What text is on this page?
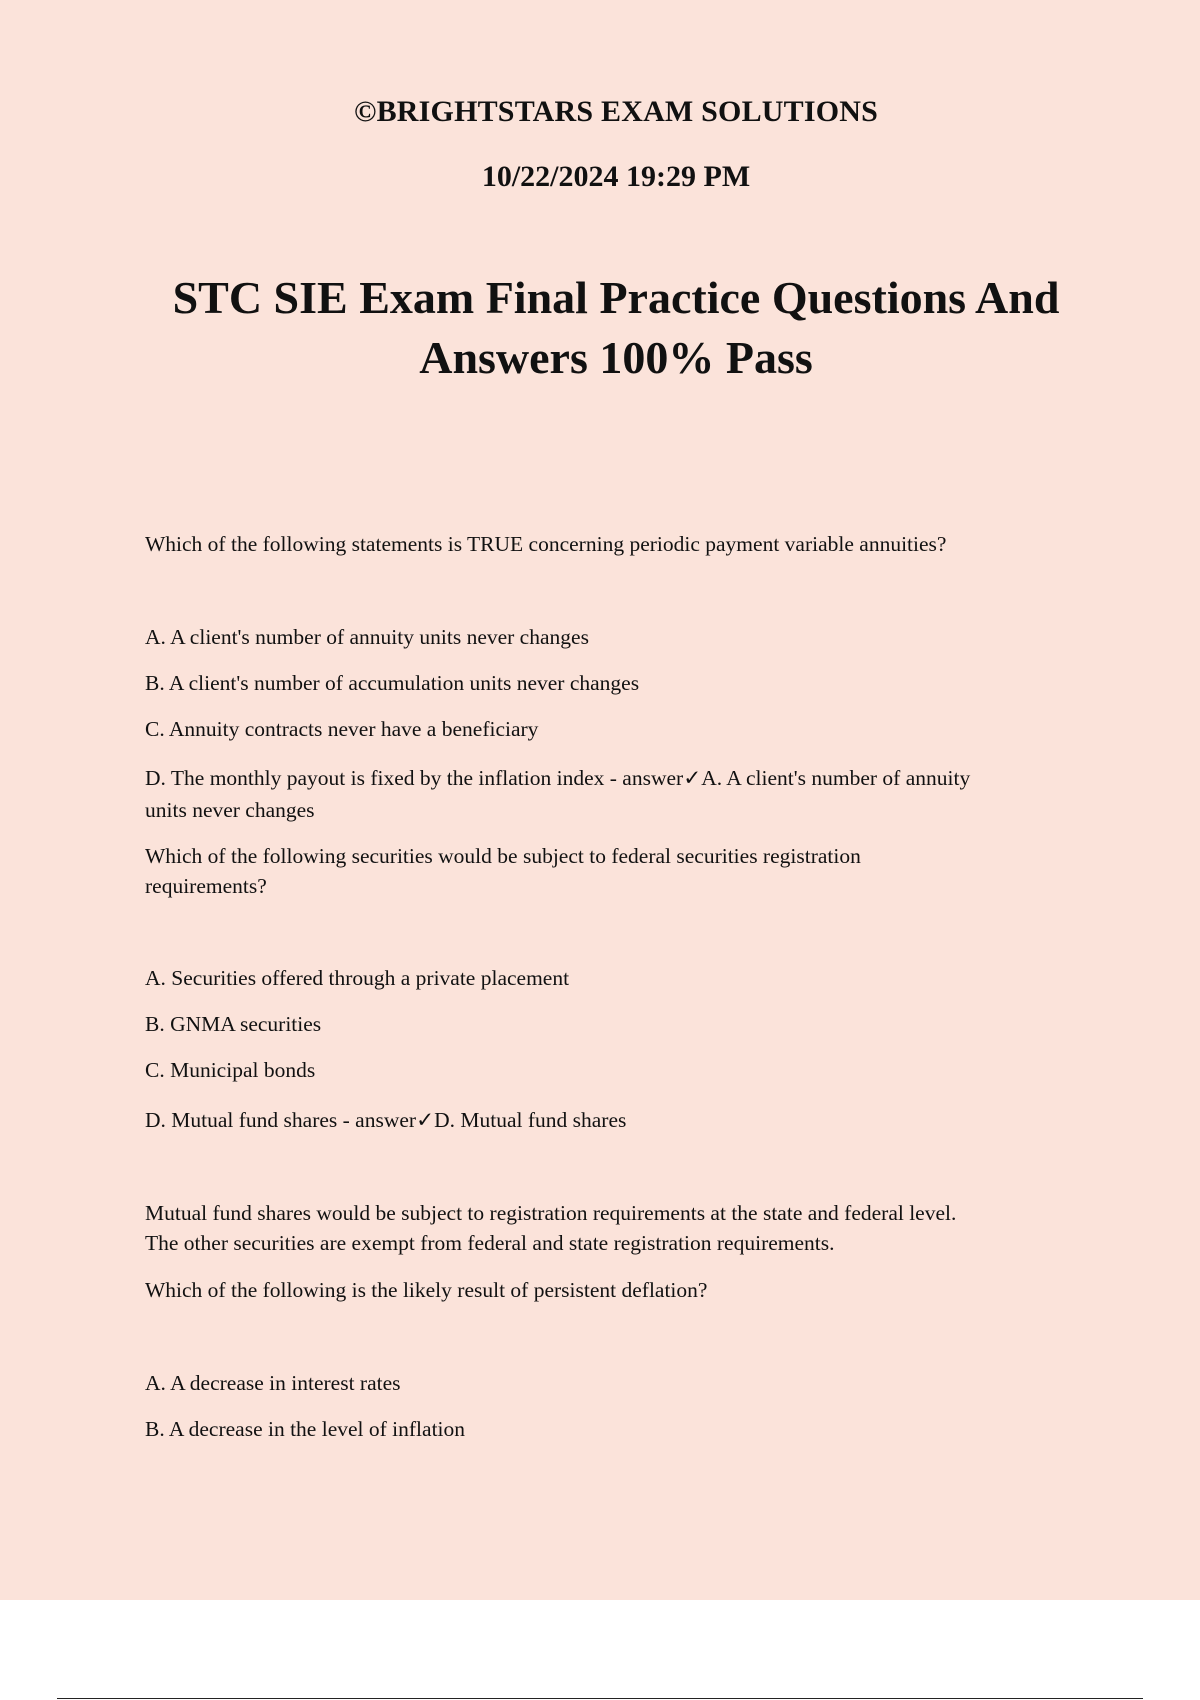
©BRIGHTSTARS EXAM SOLUTIONS
10/22/2024 19:29 PM
STC SIE Exam Final Practice Questions And
Answers 100% Pass
Which of the following statements is TRUE concerning periodic payment variable annuities?
A. A client's number of annuity units never changes
B. A client's number of accumulation units never changes
C. Annuity contracts never have a beneficiary
D. The monthly payout is fixed by the inflation index - answer✓A. A client's number of annuity
units never changes
Which of the following securities would be subject to federal securities registration
requirements?
A. Securities offered through a private placement
B. GNMA securities
C. Municipal bonds
D. Mutual fund shares - answer✓D. Mutual fund shares
Mutual fund shares would be subject to registration requirements at the state and federal level.
The other securities are exempt from federal and state registration requirements.
Which of the following is the likely result of persistent deflation?
A. A decrease in interest rates
B. A decrease in the level of inflation
